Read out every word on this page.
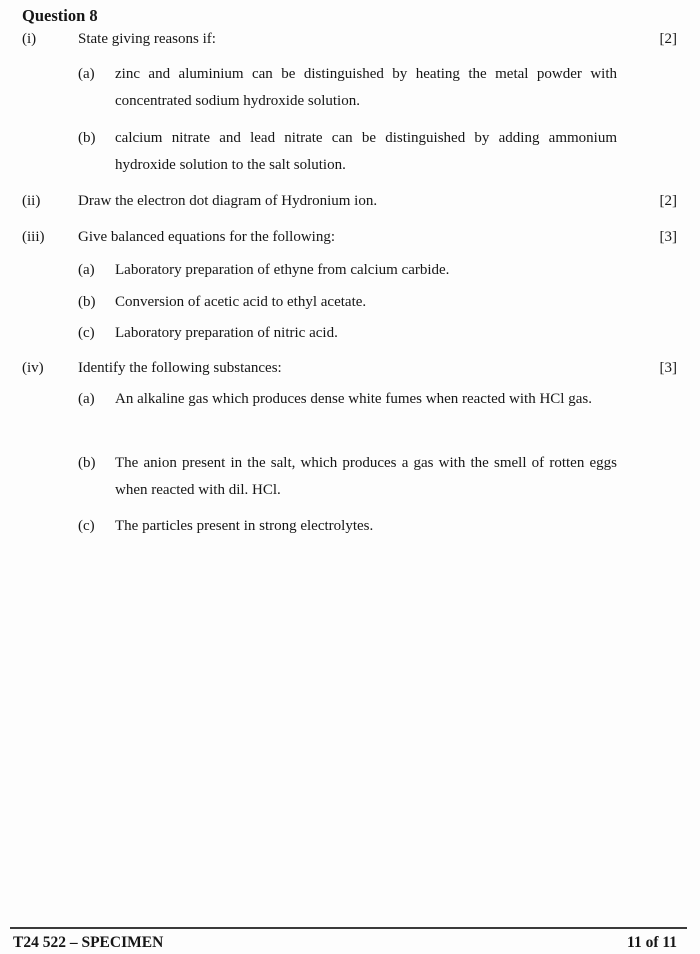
Question 8
(i)	State giving reasons if:	[2]
(a)	zinc and aluminium can be distinguished by heating the metal powder with concentrated sodium hydroxide solution.
(b)	calcium nitrate and lead nitrate can be distinguished by adding ammonium hydroxide solution to the salt solution.
(ii)	Draw the electron dot diagram of Hydronium ion.	[2]
(iii)	Give balanced equations for the following:	[3]
(a)	Laboratory preparation of ethyne from calcium carbide.
(b)	Conversion of acetic acid to ethyl acetate.
(c)	Laboratory preparation of nitric acid.
(iv)	Identify the following substances:	[3]
(a)	An alkaline gas which produces dense white fumes when reacted with HCl gas.
(b)	The anion present in the salt, which produces a gas with the smell of rotten eggs when reacted with dil. HCl.
(c)	The particles present in strong electrolytes.
T24 522 – SPECIMEN	11 of 11
